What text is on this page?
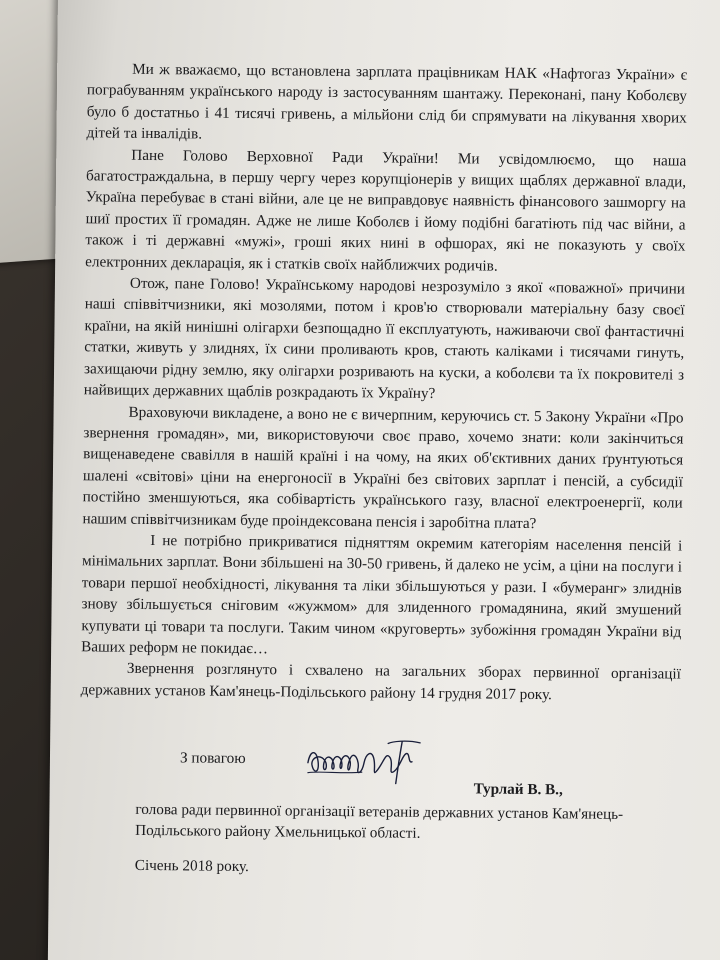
Ми ж вважаємо, що встановлена зарплата працівникам НАК «Нафтогаз України» є пограбуванням українського народу із застосуванням шантажу. Переконані, пану Коболєву було б достатньо і 41 тисячі гривень, а мільйони слід би спрямувати на лікування хворих дітей та інвалідів.

Пане Голово Верховної Ради України! Ми усвідомлюємо, що наша багатостраждальна, в першу чергу через корупціонерів у вищих щаблях державної влади, Україна перебуває в стані війни, але це не виправдовує наявність фінансового зашморгу на шиї простих її громадян. Адже не лише Коболєв і йому подібні багатіють під час війни, а також і ті державні «мужі», гроші яких нині в офшорах, які не показують у своїх електронних декларація, як і статків своїх найближчих родичів.

Отож, пане Голово! Українському народові незрозуміло з якої «поважної» причини наші співвітчизники, які мозолями, потом і кров'ю створювали матеріальну базу своєї країни, на якій нинішні олігархи безпощадно її експлуатують, наживаючи свої фантастичні статки, живуть у злиднях, їх сини проливають кров, стають каліками і тисячами гинуть, захищаючи рідну землю, яку олігархи розривають на куски, а коболєви та їх покровителі з найвищих державних щаблів розкрадають їх Україну?

Враховуючи викладене, а воно не є вичерпним, керуючись ст. 5 Закону України «Про звернення громадян», ми, використовуючи своє право, хочемо знати: коли закінчиться вищенаведене свавілля в нашій країні і на чому, на яких об'єктивних даних ґрунтуються шалені «світові» ціни на енергоносії в Україні без світових зарплат і пенсій, а субсидії постійно зменшуються, яка собівартість українського газу, власної електроенергії, коли нашим співвітчизникам буде проіндексована пенсія і заробітна плата?

І не потрібно прикриватися підняттям окремим категоріям населення пенсій і мінімальних зарплат. Вони збільшені на 30-50 гривень, й далеко не усім, а ціни на послуги і товари першої необхідності, лікування та ліки збільшуються у рази. І «бумеранг» злиднів знову збільшується сніговим «жужмом» для злиденного громадянина, який змушений купувати ці товари та послуги. Таким чином «круговерть» зубожіння громадян України від Ваших реформ не покидає…

Звернення розглянуто і схвалено на загальних зборах первинної організації державних установ Кам'янець-Подільського району 14 грудня 2017 року.

З повагою
Турлай В. В.,
голова ради первинної організації ветеранів державних установ Кам'янець-Подільського району Хмельницької області.
Січень 2018 року.
